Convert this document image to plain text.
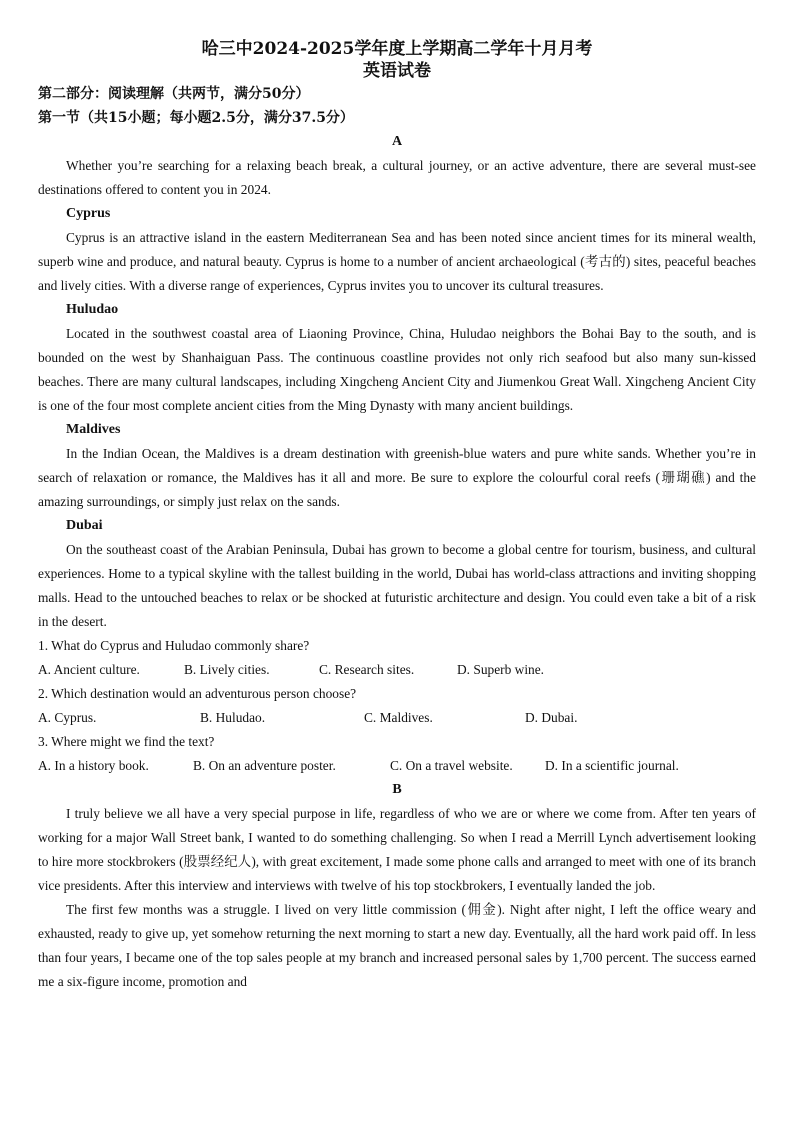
哈三中2024-2025学年度上学期高二学年十月月考
英语试卷
第二部分：阅读理解（共两节，满分50分）
第一节（共15小题；每小题2.5分，满分37.5分）
A

Whether you’re searching for a relaxing beach break, a cultural journey, or an active adventure, there are several must-see destinations offered to content you in 2024.

Cyprus

Cyprus is an attractive island in the eastern Mediterranean Sea and has been noted since ancient times for its mineral wealth, superb wine and produce, and natural beauty. Cyprus is home to a number of ancient archaeological (考古的) sites, peaceful beaches and lively cities. With a diverse range of experiences, Cyprus invites you to uncover its cultural treasures.

Huludao

Located in the southwest coastal area of Liaoning Province, China, Huludao neighbors the Bohai Bay to the south, and is bounded on the west by Shanhaiguan Pass. The continuous coastline provides not only rich seafood but also many sun-kissed beaches. There are many cultural landscapes, including Xingcheng Ancient City and Jiumenkou Great Wall. Xingcheng Ancient City is one of the four most complete ancient cities from the Ming Dynasty with many ancient buildings.

Maldives

In the Indian Ocean, the Maldives is a dream destination with greenish-blue waters and pure white sands. Whether you’re in search of relaxation or romance, the Maldives has it all and more. Be sure to explore the colourful coral reefs (珊瑚礁) and the amazing surroundings, or simply just relax on the sands.

Dubai

On the southeast coast of the Arabian Peninsula, Dubai has grown to become a global centre for tourism, business, and cultural experiences. Home to a typical skyline with the tallest building in the world, Dubai has world-class attractions and inviting shopping malls. Head to the untouched beaches to relax or be shocked at futuristic architecture and design. You could even take a bit of a risk in the desert.

1. What do Cyprus and Huludao commonly share?
A. Ancient culture.	B. Lively cities.	C. Research sites.	D. Superb wine.
2. Which destination would an adventurous person choose?
A. Cyprus.	B. Huludao.	C. Maldives.	D. Dubai.
3. Where might we find the text?
A. In a history book.	B. On an adventure poster.	C. On a travel website.	D. In a scientific journal.
B

I truly believe we all have a very special purpose in life, regardless of who we are or where we come from. After ten years of working for a major Wall Street bank, I wanted to do something challenging. So when I read a Merrill Lynch advertisement looking to hire more stockbrokers (股票经纪人), with great excitement, I made some phone calls and arranged to meet with one of its branch vice presidents. After this interview and interviews with twelve of his top stockbrokers, I eventually landed the job.

The first few months was a struggle. I lived on very little commission (佣金). Night after night, I left the office weary and exhausted, ready to give up, yet somehow returning the next morning to start a new day. Eventually, all the hard work paid off. In less than four years, I became one of the top sales people at my branch and increased personal sales by 1,700 percent. The success earned me a six-figure income, promotion and
